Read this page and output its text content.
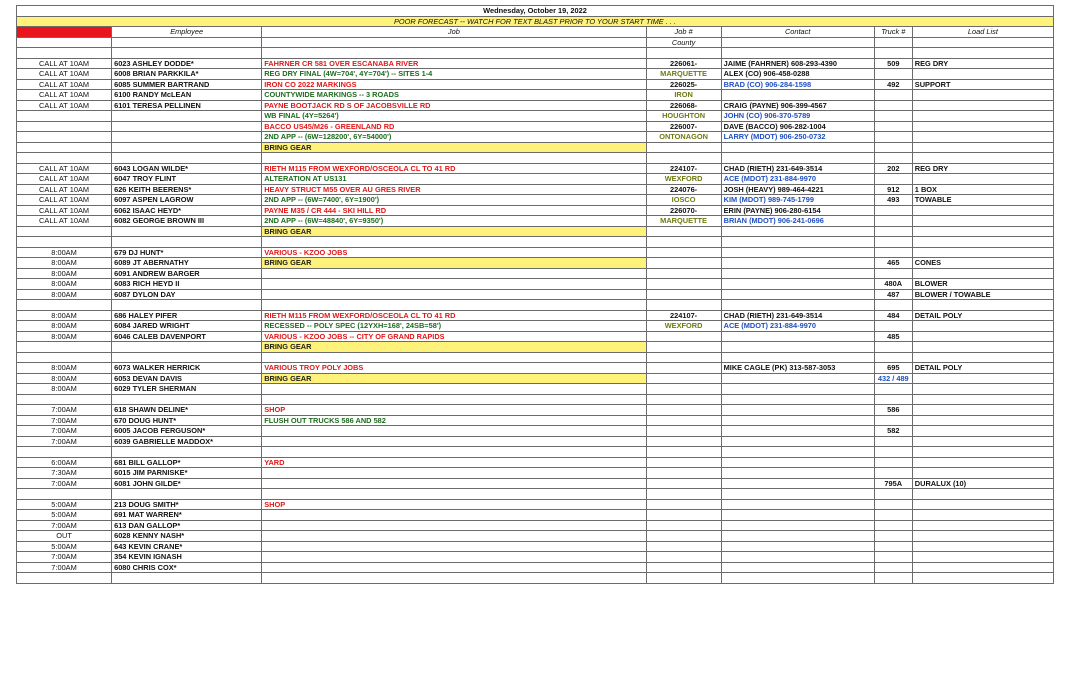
Wednesday, October 19, 2022						
POOR FORECAST -- WATCH FOR TEXT BLAST PRIOR TO YOUR START TIME . . .						
Time	Employee	Job	Job #	Contact	Truck #	Load List
			County			

CALL AT 10AM	6023 ASHLEY DODDE*	FAHRNER CR 581 OVER ESCANABA RIVER	226061-	JAIME (FAHRNER) 608-293-4390	509	REG DRY
CALL AT 10AM	6008 BRIAN PARKKILA*	REG DRY FINAL (4W=704', 4Y=704') -- SITES 1-4	MARQUETTE	ALEX (CO) 906-458-0288		
CALL AT 10AM	6085 SUMMER BARTRAND	IRON CO 2022 MARKINGS	226025-	BRAD (CO) 906-284-1598	492	SUPPORT
CALL AT 10AM	6100 RANDY McLEAN	COUNTYWIDE MARKINGS -- 3 ROADS	IRON			
CALL AT 10AM	6101 TERESA PELLINEN	PAYNE BOOTJACK RD S OF JACOBSVILLE RD	226068-	CRAIG (PAYNE) 906-399-4567		
		WB FINAL (4Y=5264')	HOUGHTON	JOHN (CO) 906-370-5789		
		BACCO US45/M26 - GREENLAND RD	226007-	DAVE (BACCO) 906-282-1004		
		2ND APP -- (6W=128200', 6Y=54000')	ONTONAGON	LARRY (MDOT) 906-250-0732		
		BRING GEAR				

CALL AT 10AM	6043 LOGAN WILDE*	RIETH M115 FROM WEXFORD/OSCEOLA CL TO 41 RD	224107-	CHAD (RIETH) 231-649-3514	202	REG DRY
CALL AT 10AM	6047 TROY FLINT	ALTERATION AT US131	WEXFORD	ACE (MDOT) 231-884-9970		
CALL AT 10AM	626 KEITH BEERENS*	HEAVY STRUCT M55 OVER AU GRES RIVER	224076-	JOSH (HEAVY) 989-464-4221	912	1 BOX
CALL AT 10AM	6097 ASPEN LAGROW	2ND APP -- (6W=7400', 6Y=1900')	IOSCO	KIM (MDOT) 989-745-1799	493	TOWABLE
CALL AT 10AM	6062 ISAAC HEYD*	PAYNE M35 / CR 444 - SKI HILL RD	226070-	ERIN (PAYNE) 906-280-6154		
CALL AT 10AM	6082 GEORGE BROWN III	2ND APP -- (6W=48840', 6Y=9350')	MARQUETTE	BRIAN (MDOT) 906-241-0696		
		BRING GEAR				

8:00AM	679 DJ HUNT*	VARIOUS - KZOO JOBS				
8:00AM	6089 JT ABERNATHY	BRING GEAR			465	CONES
8:00AM	6091 ANDREW BARGER					
8:00AM	6083 RICH HEYD II				480A	BLOWER
8:00AM	6087 DYLON DAY				487	BLOWER / TOWABLE

8:00AM	686 HALEY PIFER	RIETH M115 FROM WEXFORD/OSCEOLA CL TO 41 RD	224107-	CHAD (RIETH) 231-649-3514	484	DETAIL POLY
8:00AM	6084 JARED WRIGHT	RECESSED -- POLY SPEC (12YXH=168', 24SB=58')	WEXFORD	ACE (MDOT) 231-884-9970		
8:00AM	6046 CALEB DAVENPORT	VARIOUS - KZOO JOBS -- CITY OF GRAND RAPIDS			485	
		BRING GEAR				

8:00AM	6073 WALKER HERRICK	VARIOUS TROY POLY JOBS		MIKE CAGLE (PK) 313-587-3053	695	DETAIL POLY
8:00AM	6053 DEVAN DAVIS	BRING GEAR			432 / 489	
8:00AM	6029 TYLER SHERMAN					

7:00AM	618 SHAWN DELINE*	SHOP			586	
7:00AM	670 DOUG HUNT*	FLUSH OUT TRUCKS 586 AND 582				
7:00AM	6005 JACOB FERGUSON*				582	
7:00AM	6039 GABRIELLE MADDOX*					

6:00AM	681 BILL GALLOP*	YARD				
7:30AM	6015 JIM PARNISKE*					
7:00AM	6081 JOHN GILDE*				795A	DURALUX (10)

5:00AM	213 DOUG SMITH*	SHOP				
5:00AM	691 MAT WARREN*					
7:00AM	613 DAN GALLOP*					
OUT	6028 KENNY NASH*					
5:00AM	643 KEVIN CRANE*					
7:00AM	354 KEVIN IGNASH					
7:00AM	6080 CHRIS COX*					
